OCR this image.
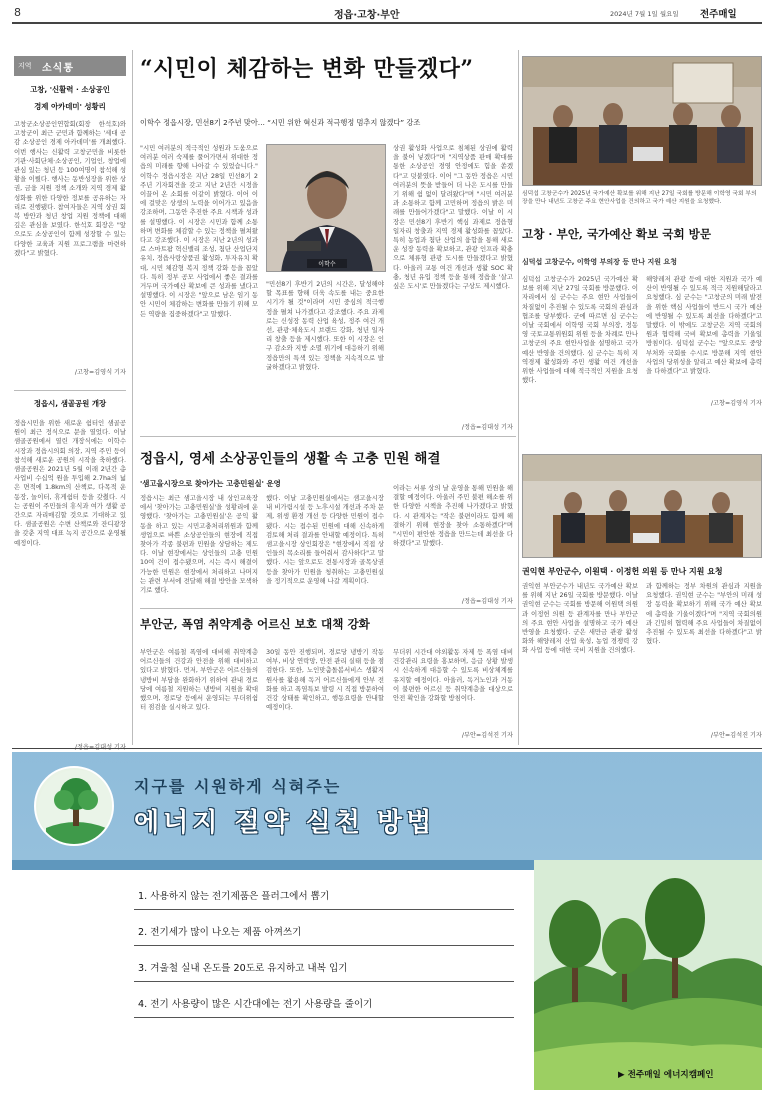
8	정읍·고창·부안	2024년 7월 1일 월요일 전주매일
지역 소식통
고창, '신활력 · 소상공인
경제 아카데미' 성황리
고창군소상공인연합회(회장 한석호)와 고창군이 최근 군민과 함께하는 '세대 공감 소상공인 경제 아카데미'를 개최했다. 이번 행사는 신활력 고창군민을 비롯한 기관·사회단체·소상공인, 기업인, 창업에 관심 있는 청년 등 100여명이 참석해 성황을 이뤘다. 행사는 동반성장을 위한 상권, 금융 지원 정책 소개와 지역 경제 활성화를 위한 다양한 정보를 공유하는 자리로 진행됐다. 참여자들은 지역 상권 회복 방안과 청년 창업 지원 정책에 대해 깊은 관심을 보였다. 한석호 회장은 "앞으로도 소상공인이 함께 성장할 수 있는 다양한 교육과 지원 프로그램을 마련하겠다"고 밝혔다.
/고창=김영식 기자
정읍시, 샘골공원 개장
정읍시민을 위한 새로운 쉼터인 샘골공원이 최근 정식으로 문을 열었다. 이날 샘골공원에서 열린 개장식에는 이학수 시장과 정읍시의회 의장, 지역 주민 등이 참석해 새로운 공원의 시작을 축하했다. 샘골공원은 2021년 5월 이래 2년간 총사업비 수십억 원을 투입해 2.7ha의 넓은 면적에 1.8km의 산책로, 다목적 운동장, 놀이터, 휴게쉼터 등을 갖췄다. 시는 공원이 주민들의 휴식과 여가 생활 공간으로 자리매김할 것으로 기대하고 있다. 샘골공원은 수변 산책로와 잔디광장을 갖춘 지역 대표 녹지 공간으로 운영될 예정이다.
“시민이 체감하는 변화 만들겠다”
이학수 정읍시장, 민선8기 2주년 맞아… “시민 위한 혁신과 적극행정 멈추지 않겠다” 강조
"시민 여러분의 적극적인 성원과 도움으로 여러분 여러 숙제를 풀어가면서 위대한 정읍의 미래를 향해 나아갈 수 있었습니다." 이학수 정읍시장은 지난 28일 민선8기 2주년 기자회견을 갖고 지난 2년간 시정을 이끌어 온 소회를 이같이 밝혔다. 이어 이에 걸맞은 상생의 노력을 이어가고 있음을 강조하며, 그동안 추진한 주요 시책과 성과를 설명했다. 이 시장은 시민과 함께 소통하며 변화를 체감할 수 있는 정책을 펼쳐왔다고 강조했다. 이 시장은 지난 2년의 성과로 스마트팜 혁신밸리 조성, 첨단 산업단지 유치, 정읍사랑상품권 활성화, 투자유치 확대, 시민 체감형 복지 정책 강화 등을 꼽았다. 특히 정부 공모 사업에서 좋은 결과를 거두며 국가예산 확보에 큰 성과를 냈다고 설명했다. 이 시장은 "앞으로 남은 임기 동안 시민이 체감하는 변화를 만들기 위해 모든 역량을 집중하겠다"고 말했다.
이학수
"민선8기 후반기 2년의 시간은, 달성해야 할 목표를 향해 더욱 속도를 내는 중요한 시기가 될 것"이라며 시민 중심의 적극행정을 펼쳐 나가겠다고 강조했다. 주요 과제로는 신성장 동력 산업 육성, 정주 여건 개선, 관광·체육도시 브랜드 강화, 청년 일자리 창출 등을 제시했다. 또한 이 시장은 인구 감소와 지방 소멸 위기에 대응하기 위해 정읍만의 특색 있는 정책을 지속적으로 발굴하겠다고 밝혔다.
상권 활성화 사업으로 침체된 상권에 활력을 불어 넣겠다"며 "지역상품 판매 확대를 통한 소상공인 경영 안정에도 힘을 쏟겠다"고 덧붙였다. 이어 "그 동안 정읍은 시민 여러분의 뜻을 받들어 더 나은 도시를 만들기 위해 쉼 없이 달려왔다"며 "시민 여러분과 소통하고 함께 고민하며 정읍의 밝은 미래를 만들어가겠다"고 말했다. 이날 이 시장은 민선8기 후반기 핵심 과제로 정읍형 일자리 창출과 지역 경제 활성화를 꼽았다. 특히 농업과 첨단 산업의 융합을 통해 새로운 성장 동력을 확보하고, 관광 인프라 확충으로 체류형 관광 도시를 만들겠다고 밝혔다. 아울러 교통 여건 개선과 생활 SOC 확충, 청년 유입 정책 등을 통해 정읍을 '살고 싶은 도시'로 만들겠다는 구상도 제시했다.
/정읍=김대성 기자
정읍시, 영세 소상공인들의 생활 속 고충 민원 해결
'샘고을시장으로 찾아가는 고충민원실' 운영
정읍시는 최근 샘고을시장 내 상인교육장에서 '찾아가는 고충민원실'을 성황리에 운영했다. '찾아가는 고충민원실'은 공익 활동을 하고 있는 시민고충처리위원과 함께 생업으로 바쁜 소상공인들의 현장에 직접 찾아가 각종 불편과 민원을 상담하는 제도다. 이날 현장에서는 상인들의 고충 민원 10여 건이 접수됐으며, 시는 즉시 해결이 가능한 민원은 현장에서 처리하고 나머지는 관련 부서에 전달해 해결 방안을 모색하기로 했다.
했다. 이날 고충민원실에서는 샘고을시장 내 비가림시설 등 노후시설 개선과 주차 문제, 위생 환경 개선 등 다양한 민원이 접수됐다. 시는 접수된 민원에 대해 신속하게 검토해 처리 결과를 안내할 예정이다. 특히 샘고을시장 상인회장은 "현장에서 직접 상인들의 목소리를 들어줘서 감사하다"고 말했다. 시는 앞으로도 전통시장과 골목상권 등을 찾아가 민원을 청취하는 고충민원실을 정기적으로 운영해 나갈 계획이다.
이라는 서류 상의 날 운영을 통해 민원을 해결할 예정이다. 아울러 주민 불편 해소를 위한 다양한 시책을 추진해 나가겠다고 밝혔다. 시 관계자는 "작은 불편이라도 함께 해결하기 위해 현장을 찾아 소통하겠다"며 "시민이 편안한 정읍을 만드는데 최선을 다하겠다"고 말했다.
/정읍=김대성 기자
부안군, 폭염 취약계층 어르신 보호 대책 강화
부안군은 여름철 폭염에 대비해 취약계층 어르신들의 건강과 안전을 위해 대비하고 있다고 밝혔다. 먼저, 부안군은 어르신들의 냉방비 부담을 완화하기 위하여 관내 경로당에 여름철 지원하는 냉방비 지원을 확대했으며, 경로당 등에서 운영되는 무더위쉼터 점검을 실시하고 있다.
30일 동안 진행되며, 경로당 냉방기 작동 여부, 비상 연락망, 안전 관리 실태 등을 점검한다. 또한, 노인맞춤돌봄서비스 생활지원사를 활용해 독거 어르신들에게 안부 전화를 하고 폭염특보 발령 시 직접 방문하여 건강 상태를 확인하고, 행동요령을 안내할 예정이다.
무더위 시간대 야외활동 자제 등 폭염 대비 건강관리 요령을 홍보하며, 응급 상황 발생 시 신속하게 대응할 수 있도록 비상체계를 유지할 예정이다. 아울러, 독거노인과 거동이 불편한 어르신 등 취약계층을 대상으로 안전 확인을 강화할 방침이다.
/부안=김석진 기자
심덕섭 고창군수가 2025년 국가예산 확보를 위해 지난 27일 국회를 방문해 이학영 국회 부의장을 만나 내년도 고창군 주요 현안사업을 건의하고 국가 예산 지원을 요청했다.
고창 · 부안, 국가예산 확보 국회 방문
심덕섭 고창군수, 이학영 부의장 등 만나 지원 요청
심덕섭 고창군수가 2025년 국가예산 확보를 위해 지난 27일 국회를 방문했다. 이 자리에서 심 군수는 주요 현안 사업들이 차질없이 추진될 수 있도록 국회의 관심과 협조를 당부했다. 군에 따르면 심 군수는 이날 국회에서 이학영 국회 부의장, 정동영 국토교통위원회 위원 등을 차례로 만나 고창군의 주요 현안사업을 설명하고 국가 예산 반영을 건의했다. 심 군수는 특히 지역경제 활성화와 주민 생활 여건 개선을 위한 사업들에 대해 적극적인 지원을 요청했다.
해양레저 관광 등에 대한 지원과 국가 예산이 반영될 수 있도록 적극 지원해달라고 요청했다. 심 군수는 "고창군의 미래 발전을 위한 핵심 사업들이 반드시 국가 예산에 반영될 수 있도록 최선을 다하겠다"고 말했다. 이 밖에도 고창군은 지역 국회의원과 협력해 국비 확보에 총력을 기울일 방침이다. 심덕섭 군수는 "앞으로도 중앙부처와 국회를 수시로 방문해 지역 현안 사업의 당위성을 알리고 예산 확보에 총력을 다하겠다"고 밝혔다.
/고창=김영식 기자
권익현 부안군수, 이원택 · 이정헌 의원 등 만나 지원 요청
권익현 부안군수가 내년도 국가예산 확보를 위해 지난 26일 국회를 방문했다. 이날 권익현 군수는 국회를 방문해 이원택 의원과 이정헌 의원 등 관계자를 만나 부안군의 주요 현안 사업을 설명하고 국가 예산 반영을 요청했다. 군은 새만금 관광 활성화와 해양레저 산업 육성, 농업 경쟁력 강화 사업 등에 대한 국비 지원을 건의했다.
과 함께하는 정부 차원의 관심과 지원을 요청했다. 권익현 군수는 "부안의 미래 성장 동력을 확보하기 위해 국가 예산 확보에 총력을 기울이겠다"며 "지역 국회의원과 긴밀히 협력해 주요 사업들이 차질없이 추진될 수 있도록 최선을 다하겠다"고 밝혔다.
/부안=김석진 기자
지구를 시원하게 식혀주는
에너지 절약 실천 방법
1. 사용하지 않는 전기제품은 플러그에서 뽑기
2. 전기세가 많이 나오는 제품 아껴쓰기
3. 겨울철 실내 온도를 20도로 유지하고 내복 입기
4. 전기 사용량이 많은 시간대에는 전기 사용량을 줄이기
▶ 전주매일 에너지캠페인
